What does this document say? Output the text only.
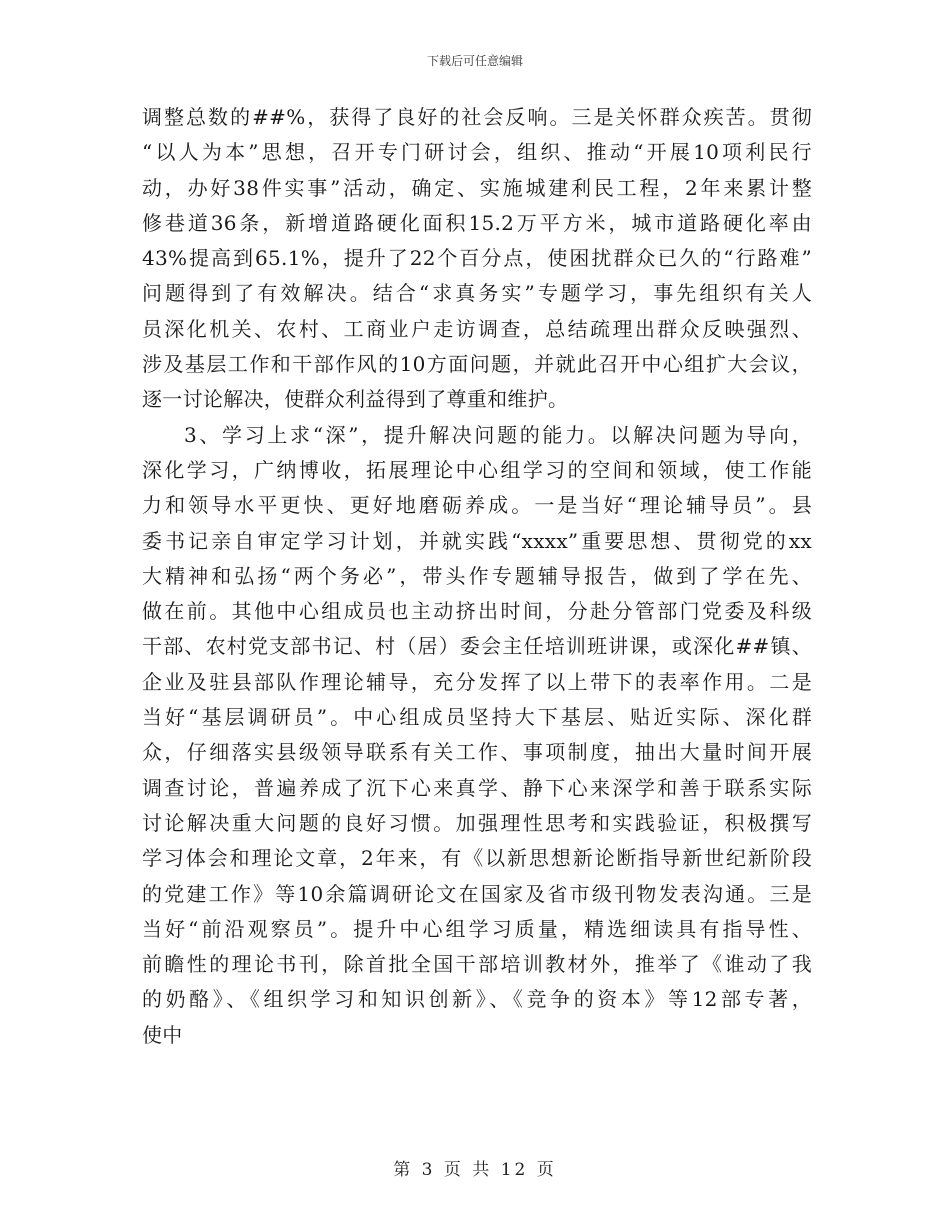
下载后可任意编辑
调整总数的##%，获得了良好的社会反响。三是关怀群众疾苦。贯彻
“以人为本”思想，召开专门研讨会，组织、推动“开展10项利民行
动，办好38件实事”活动，确定、实施城建利民工程，2年来累计整
修巷道36条，新增道路硬化面积15.2万平方米，城市道路硬化率由
43%提高到65.1%，提升了22个百分点，使困扰群众已久的“行路难”
问题得到了有效解决。结合“求真务实”专题学习，事先组织有关人
员深化机关、农村、工商业户走访调查，总结疏理出群众反映强烈、
涉及基层工作和干部作风的10方面问题，并就此召开中心组扩大会议，
逐一讨论解决，使群众利益得到了尊重和维护。
3、学习上求“深”，提升解决问题的能力。以解决问题为导向，
深化学习，广纳博收，拓展理论中心组学习的空间和领域，使工作能
力和领导水平更快、更好地磨砺养成。一是当好“理论辅导员”。县
委书记亲自审定学习计划，并就实践“xxxx”重要思想、贯彻党的xx
大精神和弘扬“两个务必”，带头作专题辅导报告，做到了学在先、
做在前。其他中心组成员也主动挤出时间，分赴分管部门党委及科级
干部、农村党支部书记、村（居）委会主任培训班讲课，或深化##镇、
企业及驻县部队作理论辅导，充分发挥了以上带下的表率作用。二是
当好“基层调研员”。中心组成员坚持大下基层、贴近实际、深化群
众，仔细落实县级领导联系有关工作、事项制度，抽出大量时间开展
调查讨论，普遍养成了沉下心来真学、静下心来深学和善于联系实际
讨论解决重大问题的良好习惯。加强理性思考和实践验证，积极撰写
学习体会和理论文章，2年来，有《以新思想新论断指导新世纪新阶段
的党建工作》等10余篇调研论文在国家及省市级刊物发表沟通。三是
当好“前沿观察员”。提升中心组学习质量，精选细读具有指导性、
前瞻性的理论书刊，除首批全国干部培训教材外，推举了《谁动了我
的奶酪》、《组织学习和知识创新》、《竞争的资本》等12部专著，
使中
第 3 页 共 12 页
